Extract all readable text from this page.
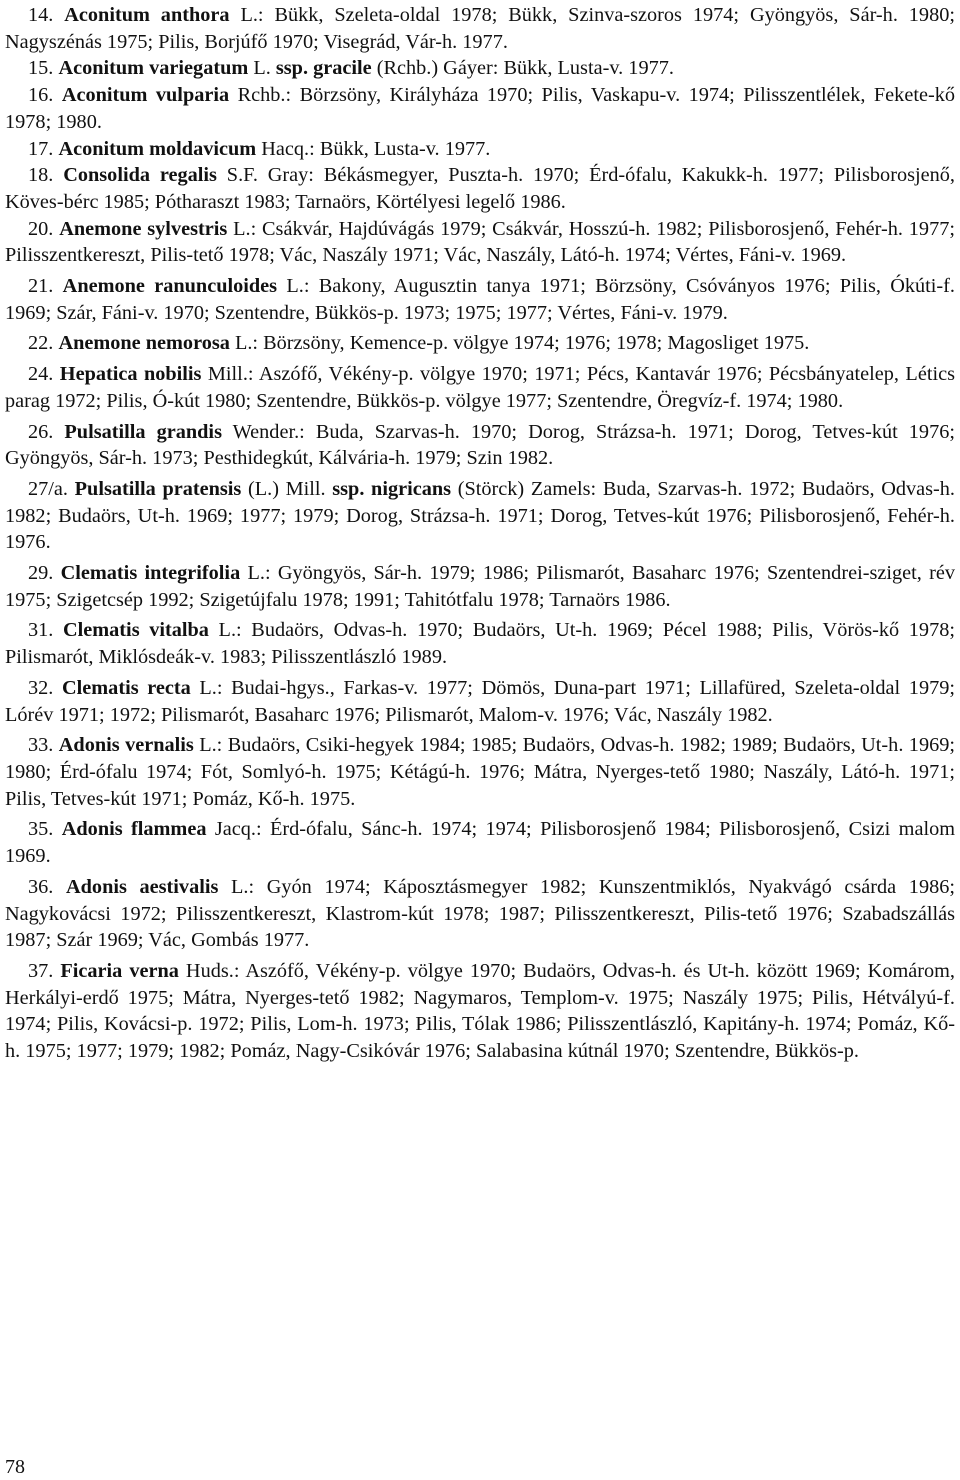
14. Aconitum anthora L.: Bükk, Szeleta-oldal 1978; Bükk, Szinva-szoros 1974; Gyöngyös, Sár-h. 1980; Nagyszénás 1975; Pilis, Borjúfő 1970; Visegrád, Vár-h. 1977.

15. Aconitum variegatum L. ssp. gracile (Rchb.) Gáyer: Bükk, Lusta-v. 1977.

16. Aconitum vulparia Rchb.: Börzsöny, Királyháza 1970; Pilis, Vaskapu-v. 1974; Pilisszentlélek, Fekete-kő 1978; 1980.

17. Aconitum moldavicum Hacq.: Bükk, Lusta-v. 1977.

18. Consolida regalis S.F. Gray: Békásmegyer, Puszta-h. 1970; Érd-ófalu, Kakukk-h. 1977; Pilisborosjenő, Köves-bérc 1985; Pótharaszt 1983; Tarnaörs, Körtélyesi legelő 1986.

20. Anemone sylvestris L.: Csákvár, Hajdúvágás 1979; Csákvár, Hosszú-h. 1982; Pilisborosjenő, Fehér-h. 1977; Pilisszentkereszt, Pilis-tető 1978; Vác, Naszály 1971; Vác, Naszály, Látó-h. 1974; Vértes, Fáni-v. 1969.

21. Anemone ranunculoides L.: Bakony, Augusztin tanya 1971; Börzsöny, Csóványos 1976; Pilis, Ókúti-f. 1969; Szár, Fáni-v. 1970; Szentendre, Bükkös-p. 1973; 1975; 1977; Vértes, Fáni-v. 1979.

22. Anemone nemorosa L.: Börzsöny, Kemence-p. völgye 1974; 1976; 1978; Magosliget 1975.

24. Hepatica nobilis Mill.: Aszófő, Vékény-p. völgye 1970; 1971; Pécs, Kantavár 1976; Pécsbányatelep, Létics parag 1972; Pilis, Ó-kút 1980; Szentendre, Bükkös-p. völgye 1977; Szentendre, Öregvíz-f. 1974; 1980.

26. Pulsatilla grandis Wender.: Buda, Szarvas-h. 1970; Dorog, Strázsa-h. 1971; Dorog, Tetves-kút 1976; Gyöngyös, Sár-h. 1973; Pesthidegkút, Kálvária-h. 1979; Szin 1982.

27/a. Pulsatilla pratensis (L.) Mill. ssp. nigricans (Störck) Zamels: Buda, Szarvas-h. 1972; Budaörs, Odvas-h. 1982; Budaörs, Ut-h. 1969; 1977; 1979; Dorog, Strázsa-h. 1971; Dorog, Tetves-kút 1976; Pilisborosjenő, Fehér-h. 1976.

29. Clematis integrifolia L.: Gyöngyös, Sár-h. 1979; 1986; Pilismarót, Basaharc 1976; Szentendrei-sziget, rév 1975; Szigetcsép 1992; Szigetújfalu 1978; 1991; Tahitótfalu 1978; Tarnaörs 1986.

31. Clematis vitalba L.: Budaörs, Odvas-h. 1970; Budaörs, Ut-h. 1969; Pécel 1988; Pilis, Vörös-kő 1978; Pilismarót, Miklósdeák-v. 1983; Pilisszentlászló 1989.

32. Clematis recta L.: Budai-hgys., Farkas-v. 1977; Dömös, Duna-part 1971; Lillafüred, Szeleta-oldal 1979; Lórév 1971; 1972; Pilismarót, Basaharc 1976; Pilismarót, Malom-v. 1976; Vác, Naszály 1982.

33. Adonis vernalis L.: Budaörs, Csiki-hegyek 1984; 1985; Budaörs, Odvas-h. 1982; 1989; Budaörs, Ut-h. 1969; 1980; Érd-ófalu 1974; Fót, Somlyó-h. 1975; Kétágú-h. 1976; Mátra, Nyerges-tető 1980; Naszály, Látó-h. 1971; Pilis, Tetves-kút 1971; Pomáz, Kő-h. 1975.

35. Adonis flammea Jacq.: Érd-ófalu, Sánc-h. 1974; 1974; Pilisborosjenő 1984; Pilisborosjenő, Csizi malom 1969.

36. Adonis aestivalis L.: Gyón 1974; Káposztásmegyer 1982; Kunszentmiklós, Nyakvágó csárda 1986; Nagykovácsi 1972; Pilisszentkereszt, Klastrom-kút 1978; 1987; Pilisszentkereszt, Pilis-tető 1976; Szabadszállás 1987; Szár 1969; Vác, Gombás 1977.

37. Ficaria verna Huds.: Aszófő, Vékény-p. völgye 1970; Budaörs, Odvas-h. és Ut-h. között 1969; Komárom, Herkályi-erdő 1975; Mátra, Nyerges-tető 1982; Nagymaros, Templom-v. 1975; Naszály 1975; Pilis, Hétvályú-f. 1974; Pilis, Kovácsi-p. 1972; Pilis, Lom-h. 1973; Pilis, Tólak 1986; Pilisszentlászló, Kapitány-h. 1974; Pomáz, Kő-h. 1975; 1977; 1979; 1982; Pomáz, Nagy-Csikóvár 1976; Salabasina kútnál 1970; Szentendre, Bükkös-p.

78
